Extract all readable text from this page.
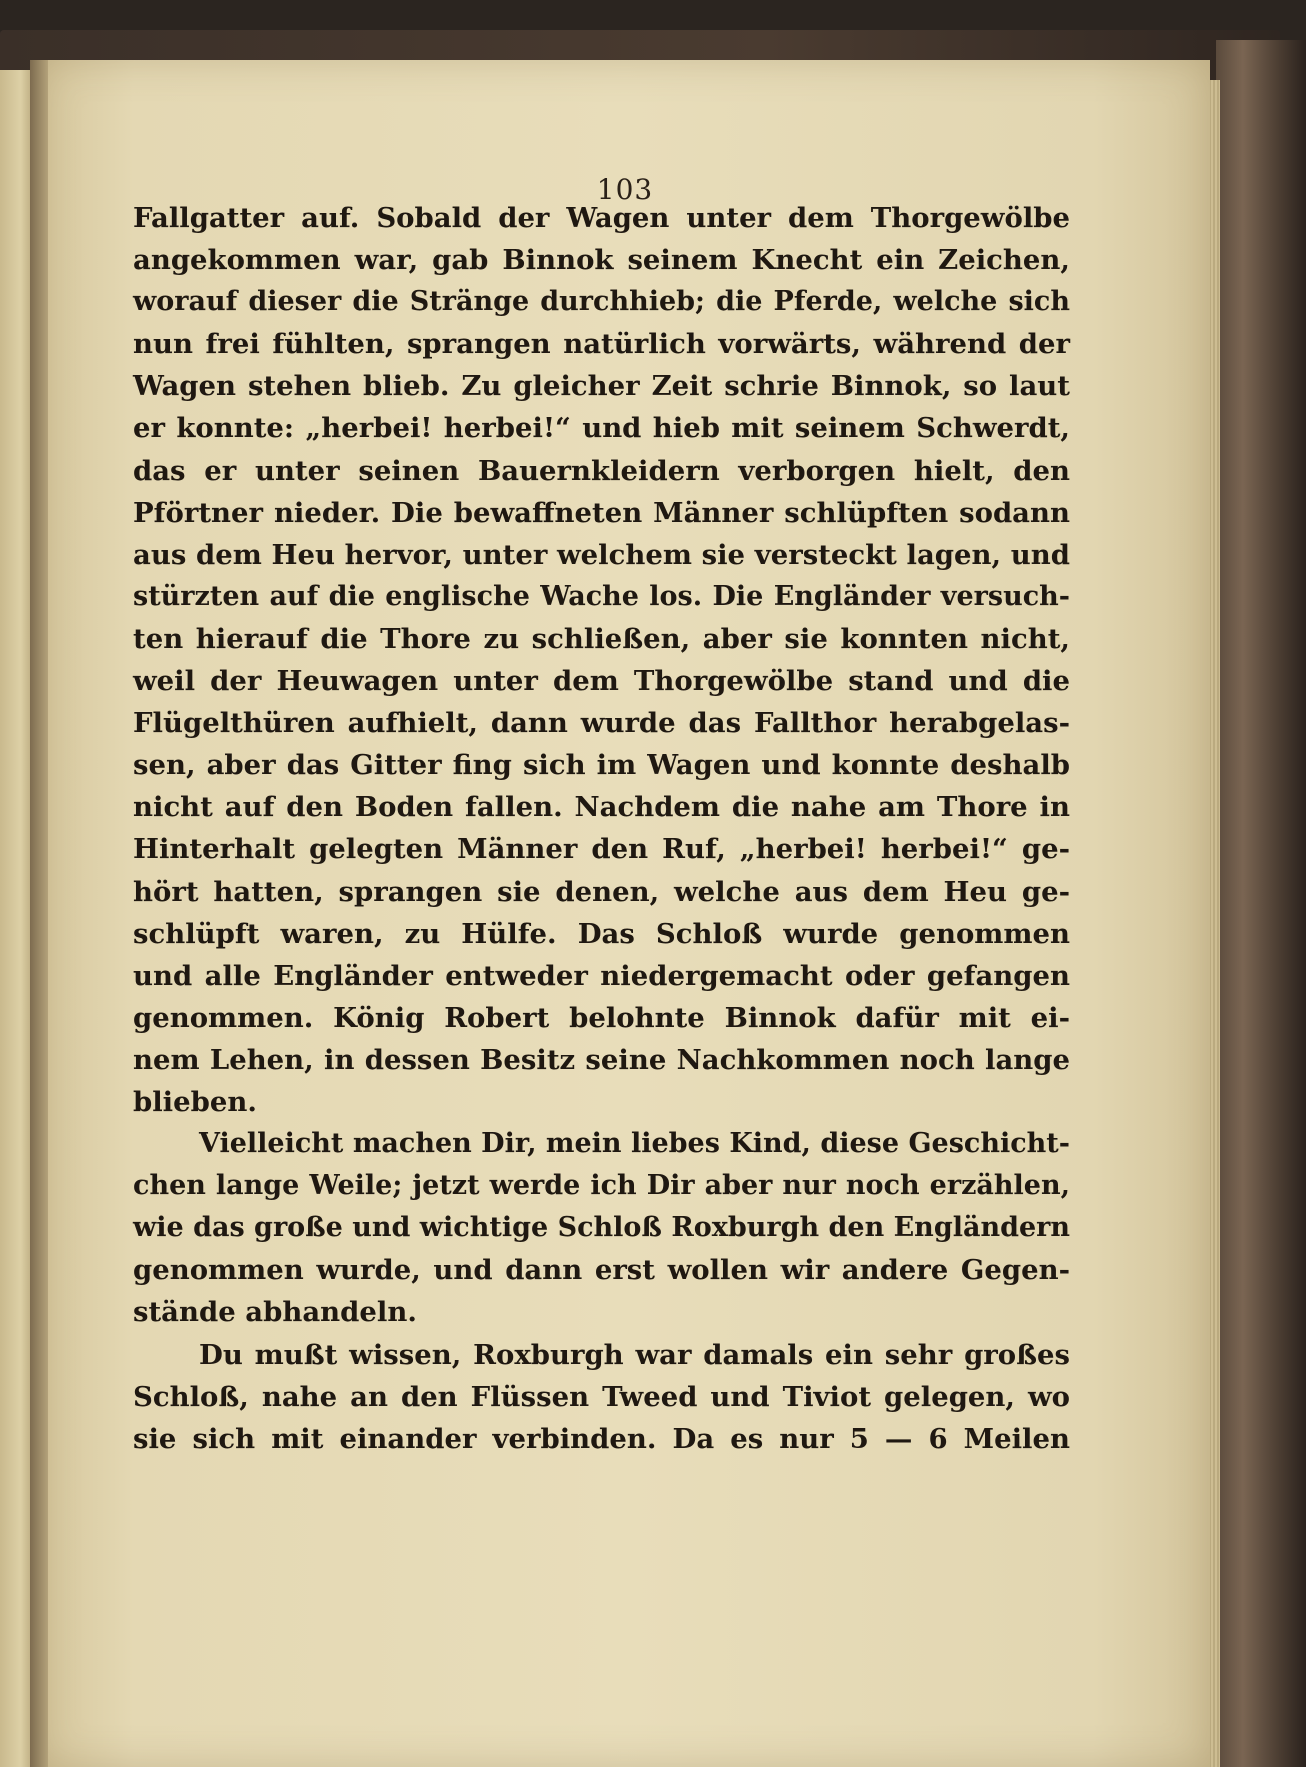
103
Fallgatter auf. Sobald der Wagen unter dem Thorgewölbe
angekommen war, gab Binnok seinem Knecht ein Zeichen,
worauf dieser die Stränge durchhieb; die Pferde, welche sich
nun frei fühlten, sprangen natürlich vorwärts, während der
Wagen stehen blieb. Zu gleicher Zeit schrie Binnok, so laut
er konnte: „herbei! herbei!“ und hieb mit seinem Schwerdt,
das er unter seinen Bauernkleidern verborgen hielt, den
Pförtner nieder. Die bewaffneten Männer schlüpften sodann
aus dem Heu hervor, unter welchem sie versteckt lagen, und
stürzten auf die englische Wache los. Die Engländer versuch-
ten hierauf die Thore zu schließen, aber sie konnten nicht,
weil der Heuwagen unter dem Thorgewölbe stand und die
Flügelthüren aufhielt, dann wurde das Fallthor herabgelas-
sen, aber das Gitter fing sich im Wagen und konnte deshalb
nicht auf den Boden fallen. Nachdem die nahe am Thore in
Hinterhalt gelegten Männer den Ruf, „herbei! herbei!“ ge-
hört hatten, sprangen sie denen, welche aus dem Heu ge-
schlüpft waren, zu Hülfe. Das Schloß wurde genommen
und alle Engländer entweder niedergemacht oder gefangen
genommen. König Robert belohnte Binnok dafür mit ei-
nem Lehen, in dessen Besitz seine Nachkommen noch lange
blieben.
Vielleicht machen Dir, mein liebes Kind, diese Geschicht-
chen lange Weile; jetzt werde ich Dir aber nur noch erzählen,
wie das große und wichtige Schloß Roxburgh den Engländern
genommen wurde, und dann erst wollen wir andere Gegen-
stände abhandeln.
Du mußt wissen, Roxburgh war damals ein sehr großes
Schloß, nahe an den Flüssen Tweed und Tiviot gelegen, wo
sie sich mit einander verbinden. Da es nur 5 — 6 Meilen
